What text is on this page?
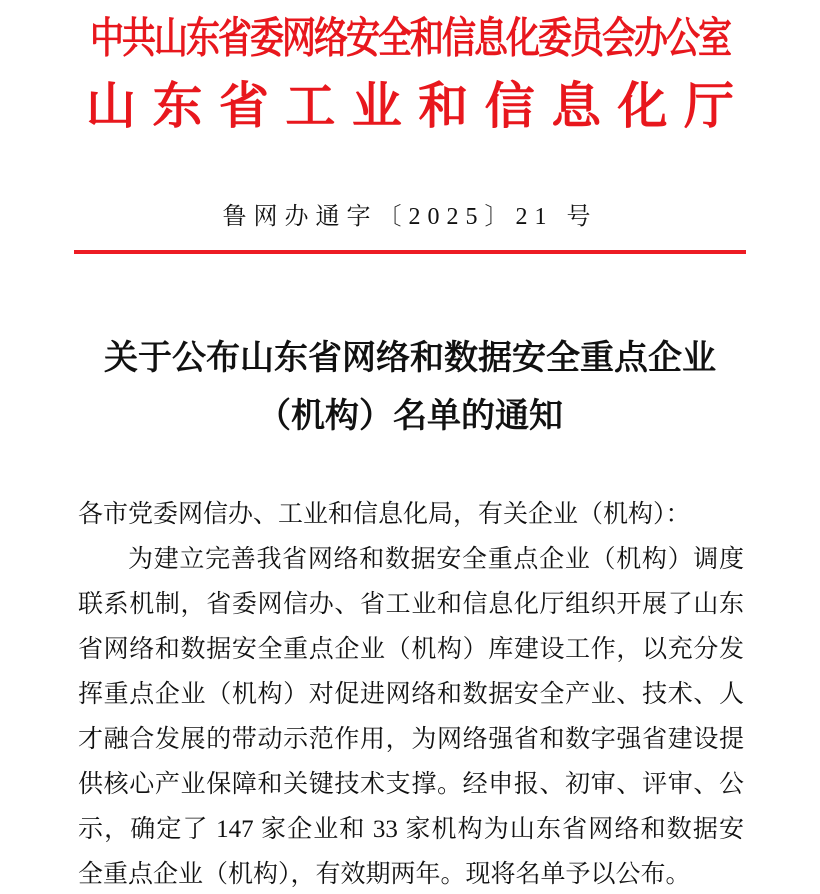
中共山东省委网络安全和信息化委员会办公室
山东省工业和信息化厅
鲁网办通字〔2025〕21 号
关于公布山东省网络和数据安全重点企业
（机构）名单的通知
各市党委网信办、工业和信息化局，有关企业（机构）：
为建立完善我省网络和数据安全重点企业（机构）调度
联系机制，省委网信办、省工业和信息化厅组织开展了山东
省网络和数据安全重点企业（机构）库建设工作，以充分发
挥重点企业（机构）对促进网络和数据安全产业、技术、人
才融合发展的带动示范作用，为网络强省和数字强省建设提
供核心产业保障和关键技术支撑。经申报、初审、评审、公
示，确定了 147 家企业和 33 家机构为山东省网络和数据安
全重点企业（机构），有效期两年。现将名单予以公布。
